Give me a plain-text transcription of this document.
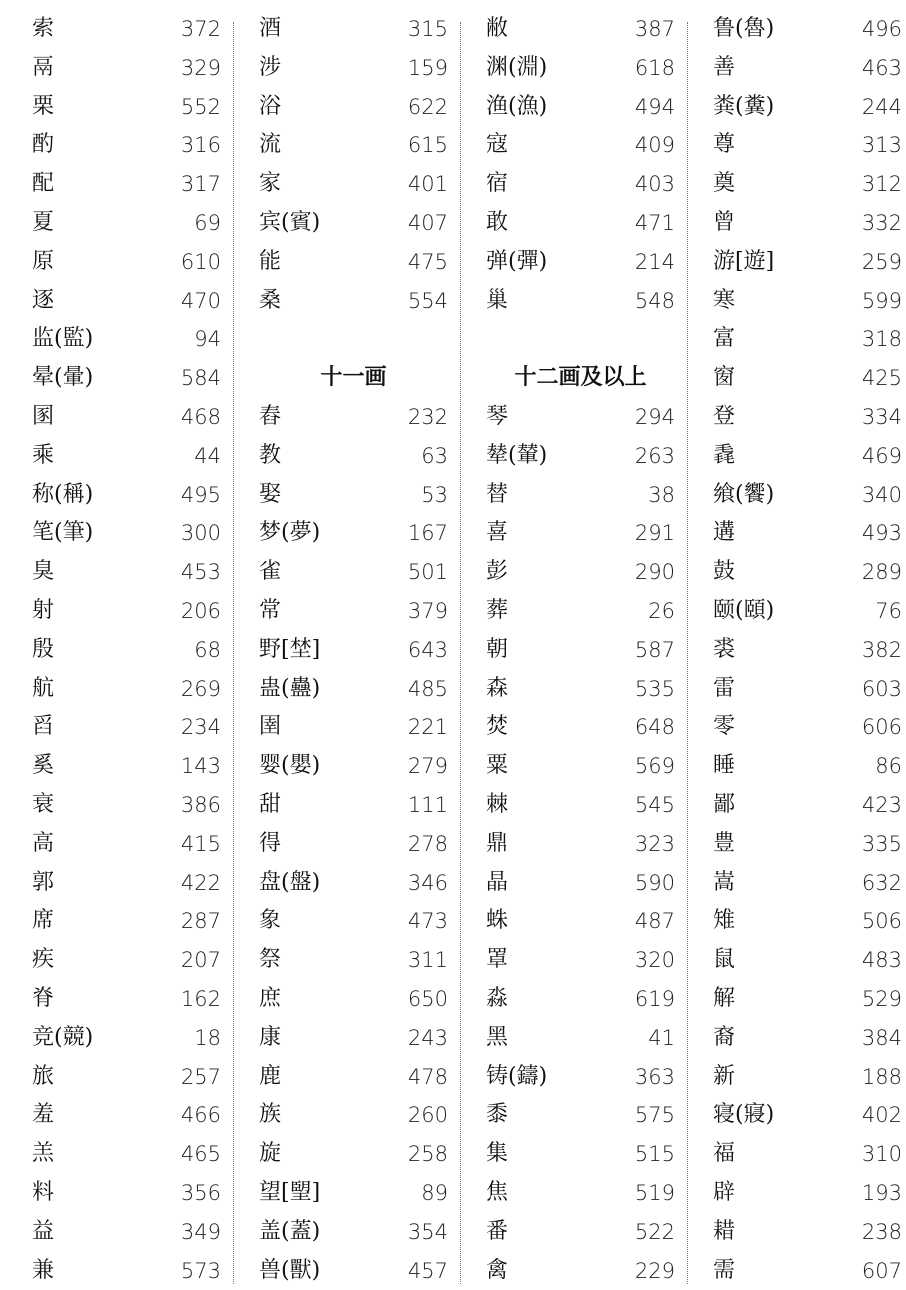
索	372
鬲	329
栗	552
酌	316
配	317
夏	69
原	610
逐	470
监(監)	94
晕(暈)	584
圂	468
乘	44
称(稱)	495
笔(筆)	300
臭	453
射	206
殷	68
航	269
舀	234
奚	143
衰	386
高	415
郭	422
席	287
疾	207
脊	162
竞(競)	18
旅	257
羞	466
羔	465
料	356
益	349
兼	573
酒	315
涉	159
浴	622
流	615
家	401
宾(賓)	407
能	475
桑	554
十一画
舂	232
教	63
娶	53
梦(夢)	167
雀	501
常	379
野[埜]	643
蛊(蠱)	485
圉	221
婴(嬰)	279
甜	111
得	278
盘(盤)	346
象	473
祭	311
庶	650
康	243
鹿	478
族	260
旋	258
望[朢]	89
盖(蓋)	354
兽(獸)	457
敝	387
渊(淵)	618
渔(漁)	494
寇	409
宿	403
敢	471
弹(彈)	214
巢	548
十二画及以上
琴	294
辇(輦)	263
替	38
喜	291
彭	290
葬	26
朝	587
森	535
焚	648
粟	569
棘	545
鼎	323
晶	590
蛛	487
罩	320
淼	619
黑	41
铸(鑄)	363
黍	575
集	515
焦	519
番	522
禽	229
鲁(魯)	496
善	463
粪(糞)	244
尊	313
奠	312
曾	332
游[遊]	259
寒	599
富	318
窗	425
登	334
毳	469
飨(饗)	340
遘	493
鼓	289
颐(頤)	76
裘	382
雷	603
零	606
睡	86
鄙	423
豊	335
嵩	632
雉	506
鼠	483
解	529
裔	384
新	188
寝(寢)	402
福	310
辟	193
耤	238
需	607
